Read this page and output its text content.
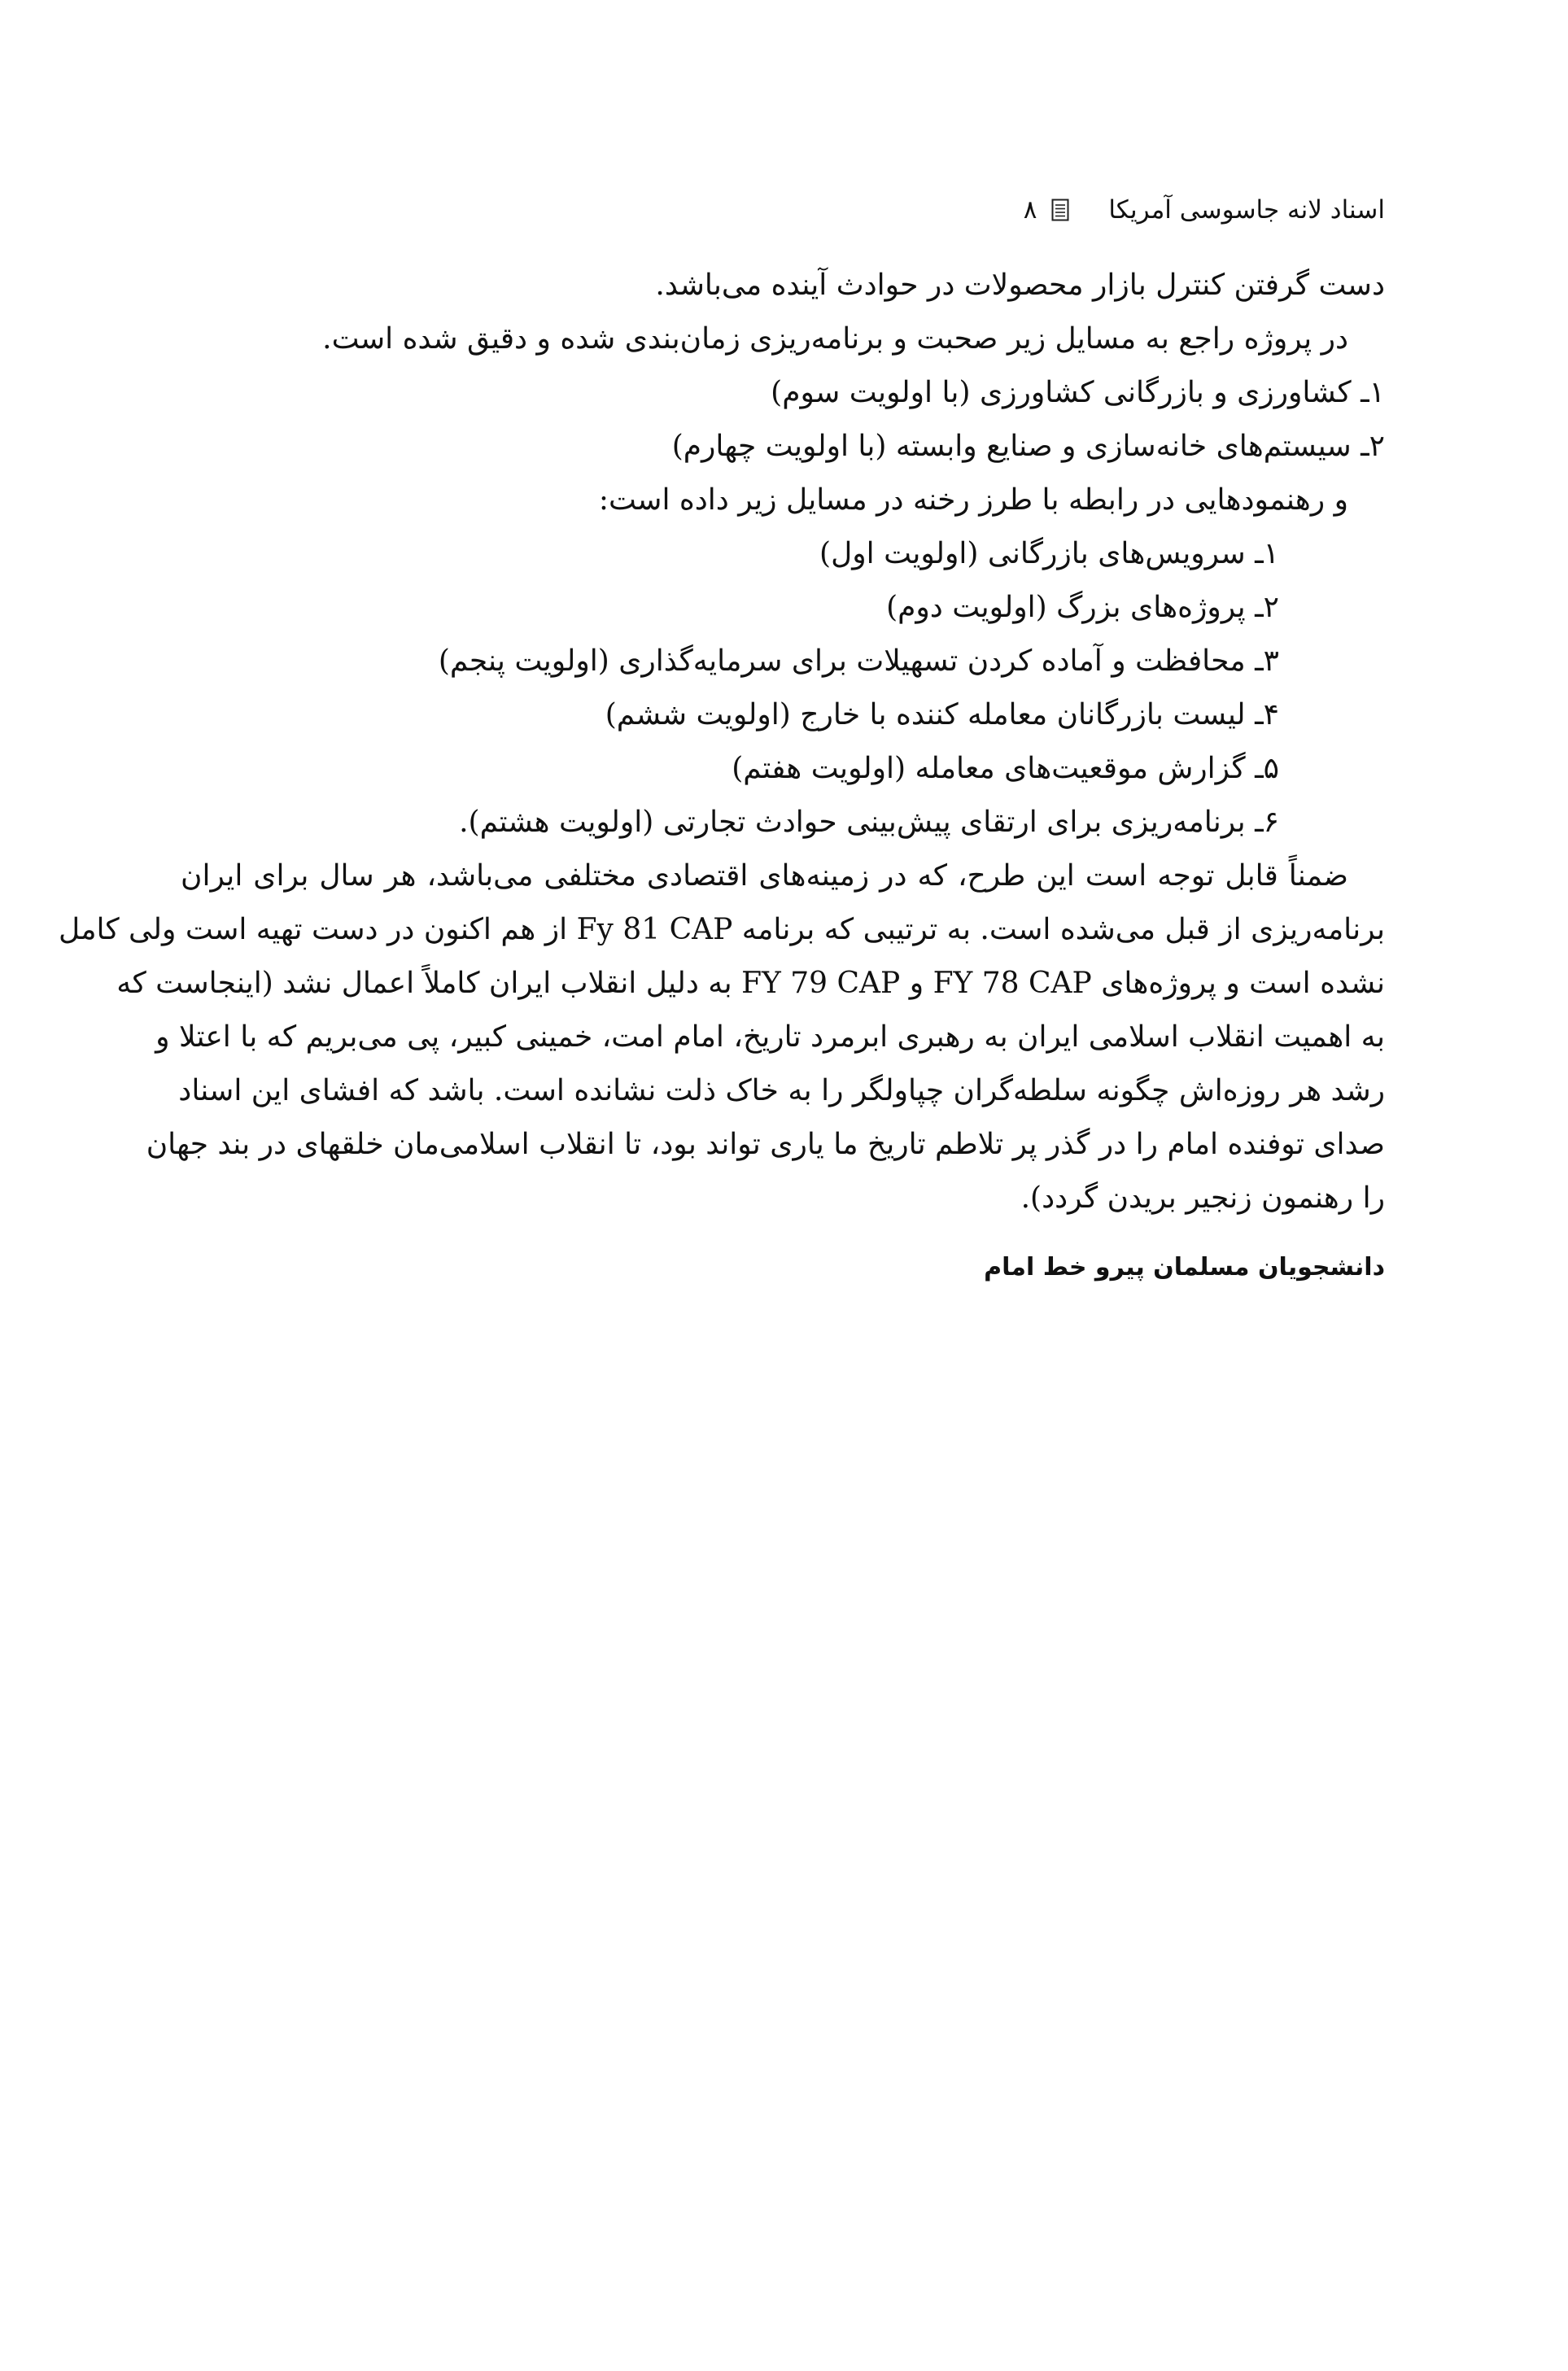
اسناد لانه جاسوسی آمریکا
۸
دست گرفتن کنترل بازار محصولات در حوادث آینده می‌باشد.
در پروژه راجع به مسایل زیر صحبت و برنامه‌ریزی زمان‌بندی شده و دقیق شده است.
۱ـ کشاورزی و بازرگانی کشاورزی (با اولویت سوم)
۲ـ سیستم‌های خانه‌سازی و صنایع وابسته (با اولویت چهارم)
و رهنمودهایی در رابطه با طرز رخنه در مسایل زیر داده است:
۱ـ سرویس‌های بازرگانی (اولویت اول)
۲ـ پروژه‌های بزرگ (اولویت دوم)
۳ـ محافظت و آماده کردن تسهیلات برای سرمایه‌گذاری (اولویت پنجم)
۴ـ لیست بازرگانان معامله کننده با خارج (اولویت ششم)
۵ـ گزارش موقعیت‌های معامله (اولویت هفتم)
۶ـ برنامه‌ریزی برای ارتقای پیش‌بینی حوادث تجارتی (اولویت هشتم).
ضمناً قابل توجه است این طرح، که در زمینه‌های اقتصادی مختلفی می‌باشد، هر سال برای ایران
برنامه‌ریزی از قبل می‌شده است. به ترتیبی که برنامه Fy 81 CAP از هم اکنون در دست تهیه است ولی کامل
نشده است و پروژه‌های FY 78 CAP و FY 79 CAP به دلیل انقلاب ایران کاملاً اعمال نشد (اینجاست که
به اهمیت انقلاب اسلامی ایران به رهبری ابرمرد تاریخ، امام امت، خمینی کبیر، پی می‌بریم که با اعتلا و
رشد هر روزه‌اش چگونه سلطه‌گران چپاولگر را به خاک ذلت نشانده است. باشد که افشای این اسناد
صدای توفنده امام را در گذر پر تلاطم تاریخ ما یاری تواند بود، تا انقلاب اسلامی‌مان خلقهای در بند جهان
را رهنمون زنجیر بریدن گردد).
دانشجویان مسلمان پیرو خط امام
